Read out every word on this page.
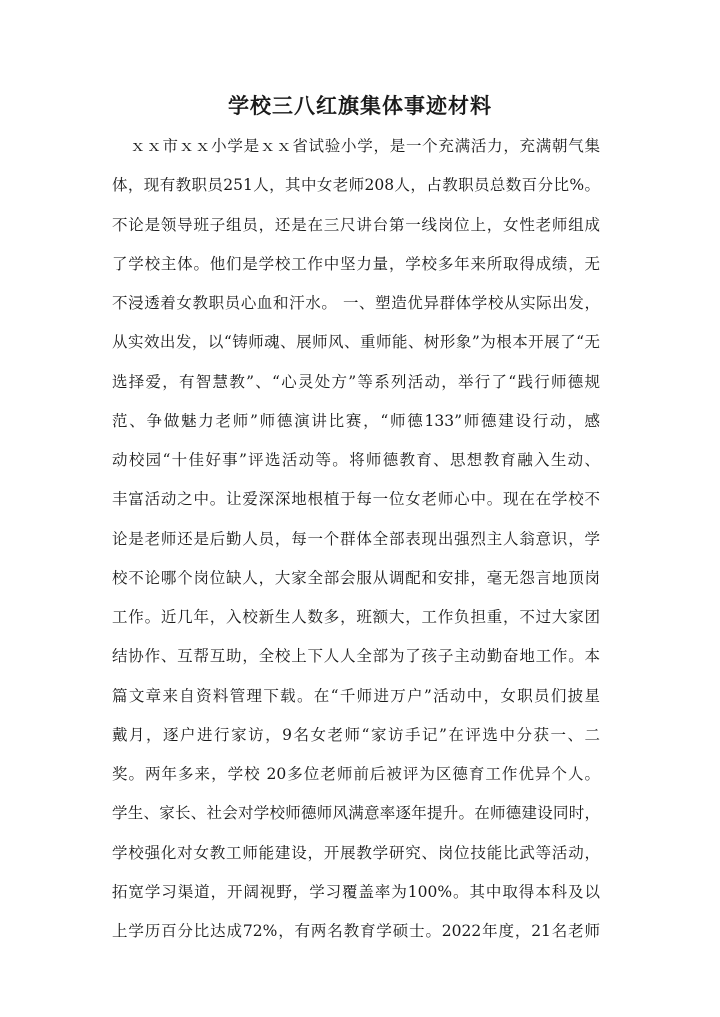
学校三八红旗集体事迹材料
ｘｘ市ｘｘ小学是ｘｘ省试验小学，是一个充满活力，充满朝气集
体，现有教职员251人，其中女老师208人，占教职员总数百分比%。
不论是领导班子组员，还是在三尺讲台第一线岗位上，女性老师组成
了学校主体。他们是学校工作中坚力量，学校多年来所取得成绩，无
不浸透着女教职员心血和汗水。 一、塑造优异群体学校从实际出发，
从实效出发，以“铸师魂、展师风、重师能、树形象”为根本开展了“无
选择爱，有智慧教”、“心灵处方”等系列活动，举行了“践行师德规
范、争做魅力老师”师德演讲比赛，“师德133”师德建设行动，感
动校园“十佳好事”评选活动等。将师德教育、思想教育融入生动、
丰富活动之中。让爱深深地根植于每一位女老师心中。现在在学校不
论是老师还是后勤人员，每一个群体全部表现出强烈主人翁意识，学
校不论哪个岗位缺人，大家全部会服从调配和安排，毫无怨言地顶岗
工作。近几年，入校新生人数多，班额大，工作负担重，不过大家团
结协作、互帮互助，全校上下人人全部为了孩子主动勤奋地工作。本
篇文章来自资料管理下载。在“千师进万户”活动中，女职员们披星
戴月，逐户进行家访，9名女老师“家访手记”在评选中分获一、二
奖。两年多来，学校 20多位老师前后被评为区德育工作优异个人。
学生、家长、社会对学校师德师风满意率逐年提升。在师德建设同时，
学校强化对女教工师能建设，开展教学研究、岗位技能比武等活动，
拓宽学习渠道，开阔视野，学习覆盖率为100%。其中取得本科及以
上学历百分比达成72%，有两名教育学硕士。2022年度，21名老师
